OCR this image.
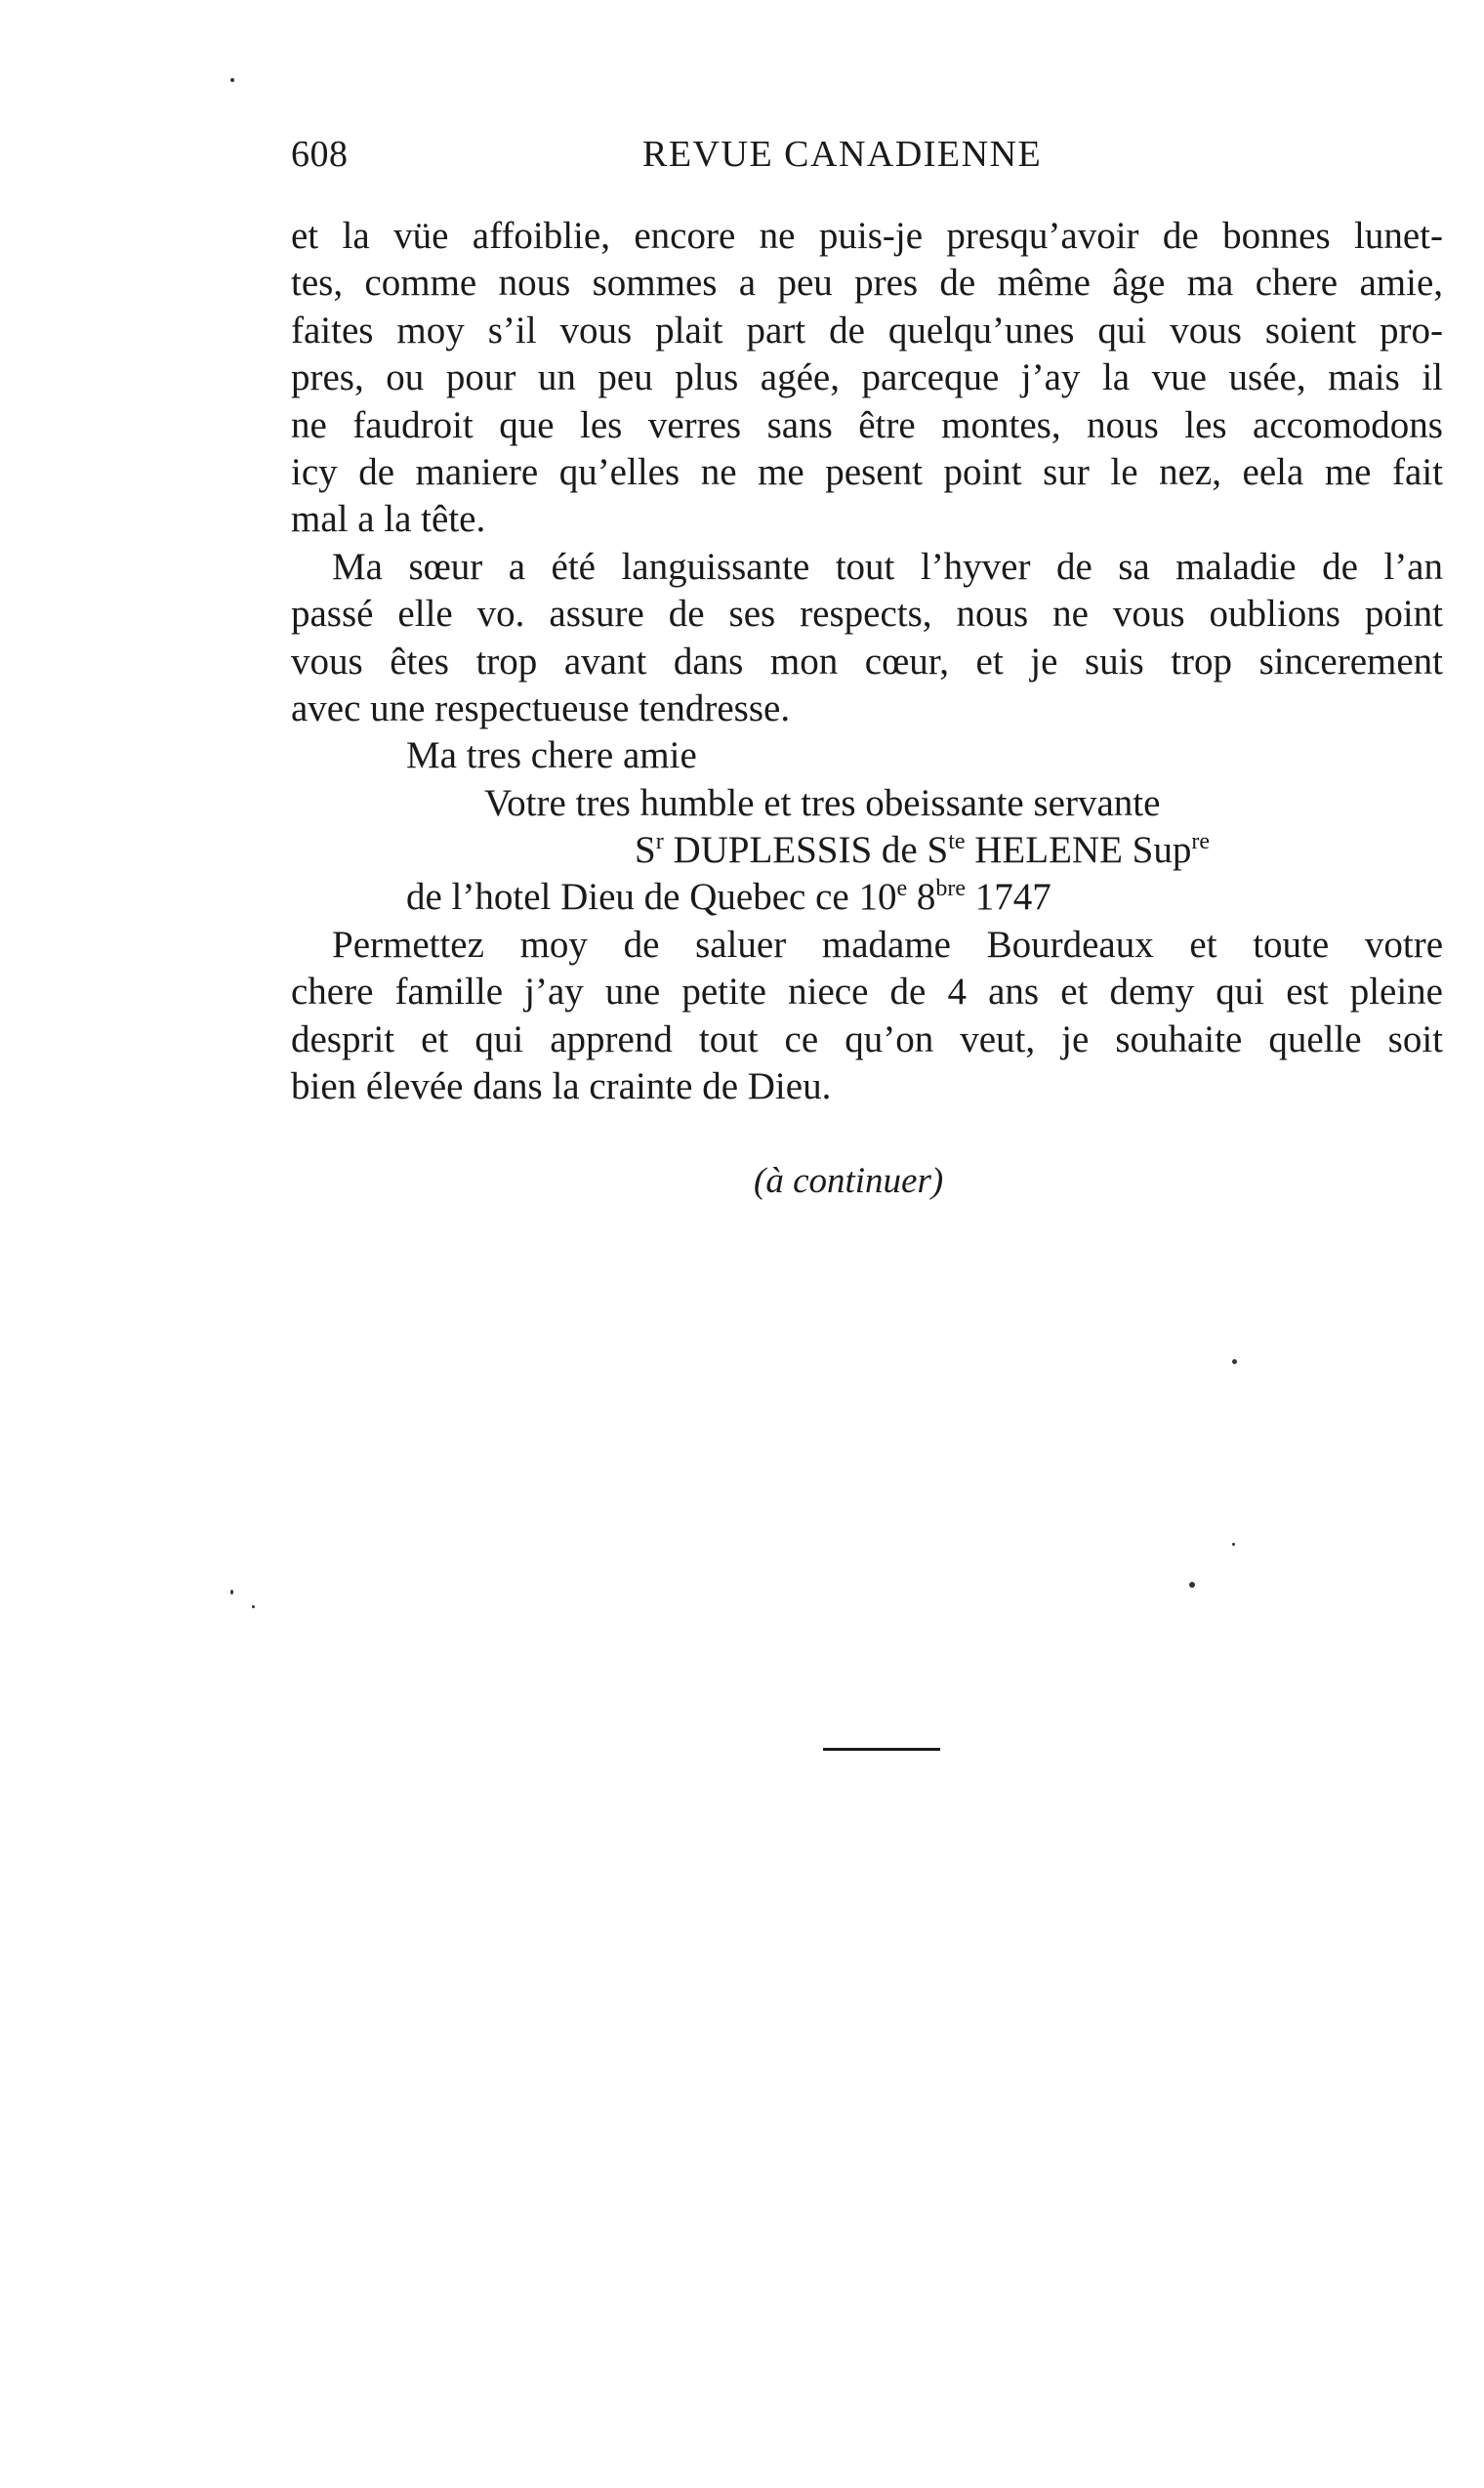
608	REVUE CANADIENNE
et la vüe affoiblie, encore ne puis-je presqu’avoir de bonnes lunet-
tes, comme nous sommes a peu pres de même âge ma chere amie,
faites moy s’il vous plait part de quelqu’unes qui vous soient pro-
pres, ou pour un peu plus agée, parceque j’ay la vue usée, mais il
ne faudroit que les verres sans être montes, nous les accomodons
icy de maniere qu’elles ne me pesent point sur le nez, eela me fait
mal a la tête.
Ma sœur a été languissante tout l’hyver de sa maladie de l’an
passé elle vo. assure de ses respects, nous ne vous oublions point
vous êtes trop avant dans mon cœur, et je suis trop sincerement
avec une respectueuse tendresse.
Ma tres chere amie
Votre tres humble et tres obeissante servante
$S^r$ DUPLESSIS de $S^{te}$ HELENE Sup$^{re}$
de l’hotel Dieu de Quebec ce 10e $8^{bre}$ 1747
Permettez moy de saluer madame Bourdeaux et toute votre
chere famille j’ay une petite niece de 4 ans et demy qui est pleine
desprit et qui apprend tout ce qu’on veut, je souhaite quelle soit
bien élevée dans la crainte de Dieu.
(à continuer)
